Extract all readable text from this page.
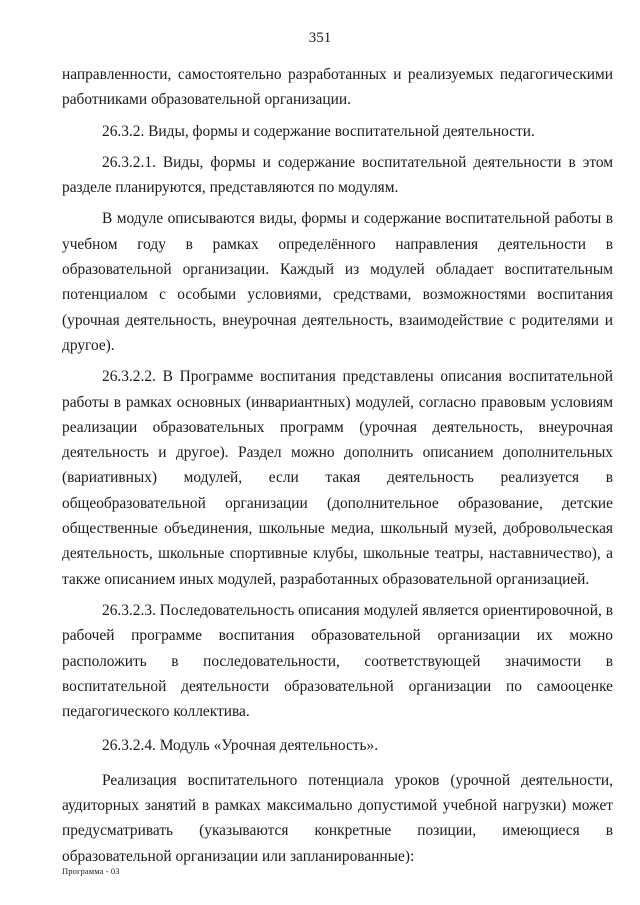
351

направленности, самостоятельно разработанных и реализуемых педагогическими работниками образовательной организации.

26.3.2. Виды, формы и содержание воспитательной деятельности.

26.3.2.1. Виды, формы и содержание воспитательной деятельности в этом разделе планируются, представляются по модулям.

В модуле описываются виды, формы и содержание воспитательной работы в учебном году в рамках определённого направления деятельности в образовательной организации. Каждый из модулей обладает воспитательным потенциалом с особыми условиями, средствами, возможностями воспитания (урочная деятельность, внеурочная деятельность, взаимодействие с родителями и другое).

26.3.2.2. В Программе воспитания представлены описания воспитательной работы в рамках основных (инвариантных) модулей, согласно правовым условиям реализации образовательных программ (урочная деятельность, внеурочная деятельность и другое). Раздел можно дополнить описанием дополнительных (вариативных) модулей, если такая деятельность реализуется в общеобразовательной организации (дополнительное образование, детские общественные объединения, школьные медиа, школьный музей, добровольческая деятельность, школьные спортивные клубы, школьные театры, наставничество), а также описанием иных модулей, разработанных образовательной организацией.

26.3.2.3. Последовательность описания модулей является ориентировочной, в рабочей программе воспитания образовательной организации их можно расположить в последовательности, соответствующей значимости в воспитательной деятельности образовательной организации по самооценке педагогического коллектива.

26.3.2.4. Модуль «Урочная деятельность».

Реализация воспитательного потенциала уроков (урочной деятельности, аудиторных занятий в рамках максимально допустимой учебной нагрузки) может предусматривать (указываются конкретные позиции, имеющиеся в образовательной организации или запланированные):

Программа - 03
